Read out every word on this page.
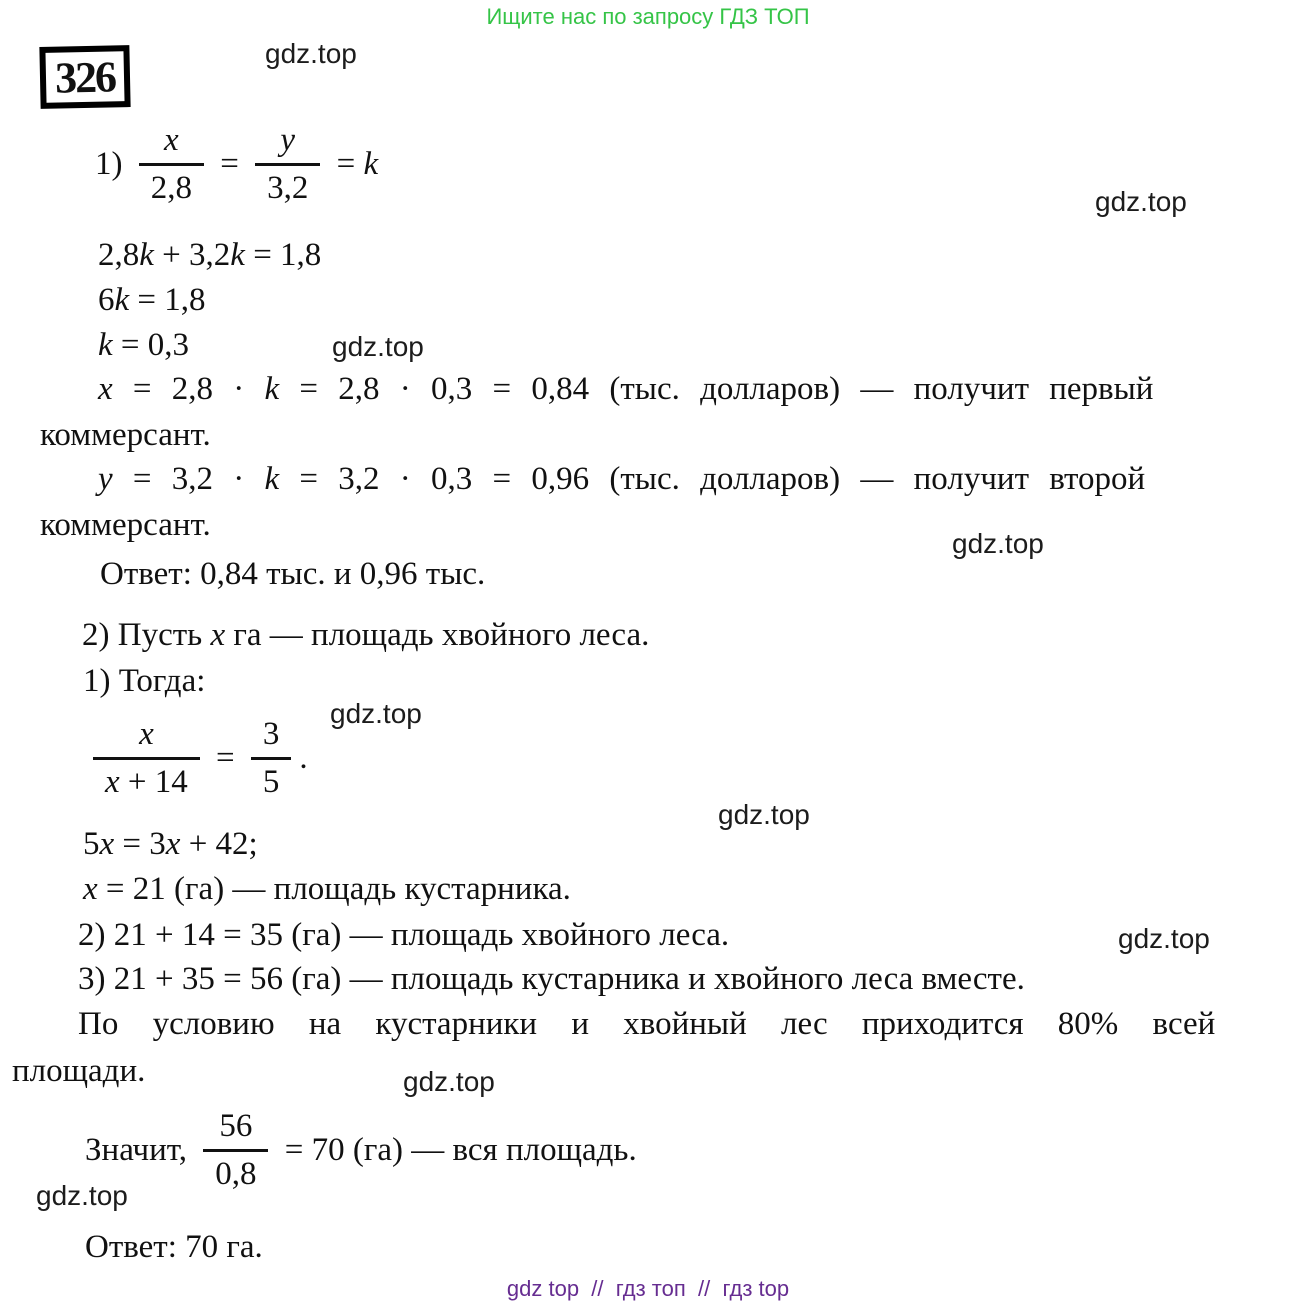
Ищите нас по запросу ГДЗ ТОП
326	gdz.top
gdz.top
gdz.top
gdz.top
gdz.top
gdz.top
gdz.top
gdz.top
gdz.top
$1) \frac{x}{2,8} = \frac{y}{3,2} = k$
2,8k + 3,2k = 1,8
6k = 1,8
k = 0,3
x = 2,8 · k = 2,8 · 0,3 = 0,84 (тыс. долларов) — получит первый
коммерсант.
y = 3,2 · k = 3,2 · 0,3 = 0,96 (тыс. долларов) — получит второй
коммерсант.
Ответ: 0,84 тыс. и 0,96 тыс.
2) Пусть x га — площадь хвойного леса.
1) Тогда:
$\frac{x}{x + 14} = \frac{3}{5}$ .
5x = 3x + 42;
x = 21 (га) — площадь кустарника.
2) 21 + 14 = 35 (га) — площадь хвойного леса.
3) 21 + 35 = 56 (га) — площадь кустарника и хвойного леса вместе.
По условию на кустарники и хвойный лес приходится 80% всей
площади.
Значит, $\frac{56}{0,8} = 70$ (га) — вся площадь.
Ответ: 70 га.
gdz top  //  гдз топ  //  гдз top
